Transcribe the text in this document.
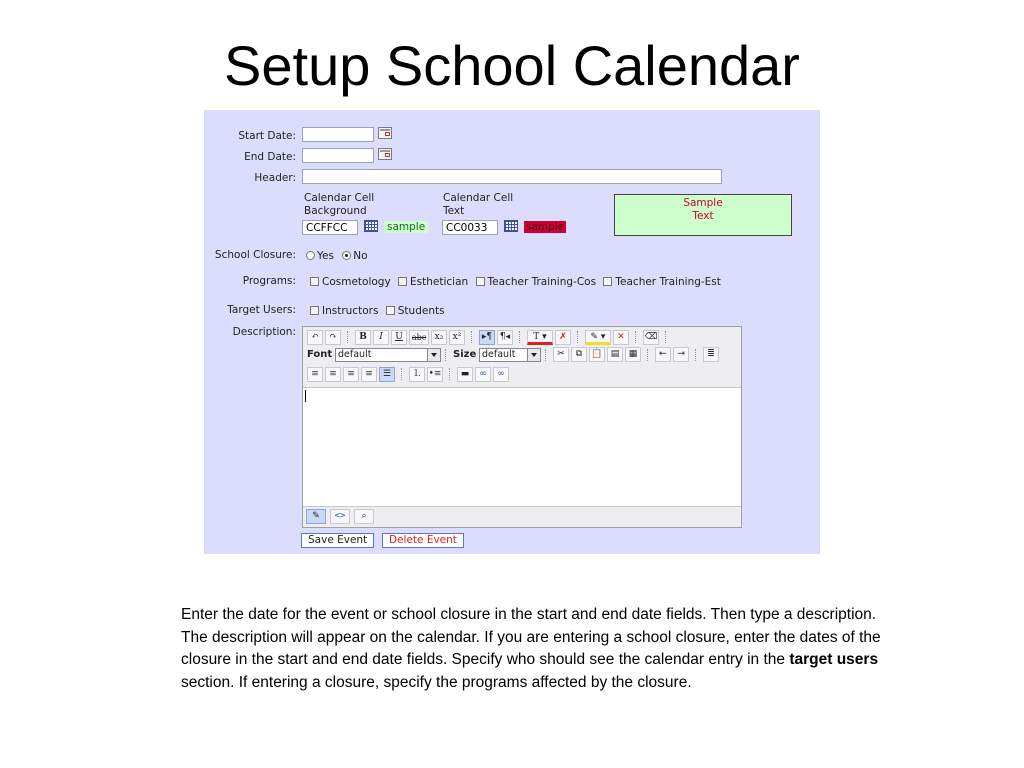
Setup School Calendar
Start Date:
End Date:
Header:
Calendar Cell
Background
CCFFCC
sample
Calendar Cell
Text
CC0033
sample
Sample
Text
School Closure:	Yes No
Programs:	Cosmetology Esthetician Teacher Training-Cos Teacher Training-Est
Target Users:	Instructors Students
Description:	↶	↷	B	I	U	abc x₂	x²	▸¶ ¶◂	T ▾	✗	✎ ▾	✕	⌫
Font default	Size default	✂	⧉	📋 ▤	▦	⇤	⇥	≣
≡	≡	≡	≡	☰	⒈ •≡	▬	∞	∞
✎	<>	⌕
Save Event	Delete Event
Enter the date for the event or school closure in the start and end date fields. Then type a description. The description will appear on the calendar. If you are entering a school closure, enter the dates of the closure in the start and end date fields. Specify who should see the calendar entry in the target users section. If entering a closure, specify the programs affected by the closure.
